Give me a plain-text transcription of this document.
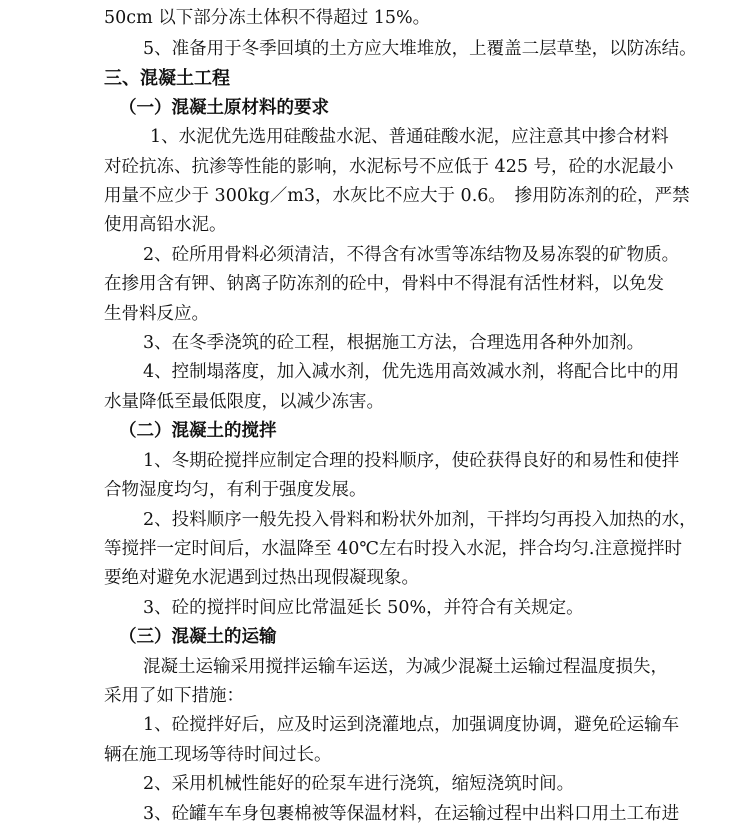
50cm 以下部分冻土体积不得超过 15%。
5、准备用于冬季回填的土方应大堆堆放，上覆盖二层草垫，以防冻结。
三、混凝土工程
（一）混凝土原材料的要求
1、水泥优先选用硅酸盐水泥、普通硅酸水泥，应注意其中掺合材料
对砼抗冻、抗渗等性能的影响，水泥标号不应低于 425 号，砼的水泥最小
用量不应少于 300kg／m3，水灰比不应大于 0.6。　掺用防冻剂的砼，严禁
使用高铅水泥。
2、砼所用骨料必须清洁，不得含有冰雪等冻结物及易冻裂的矿物质。
在掺用含有钾、钠离子防冻剂的砼中，骨料中不得混有活性材料，以免发
生骨料反应。
3、在冬季浇筑的砼工程，根据施工方法，合理选用各种外加剂。
4、控制塌落度，加入减水剂，优先选用高效减水剂，将配合比中的用
水量降低至最低限度，以减少冻害。
（二）混凝土的搅拌
1、冬期砼搅拌应制定合理的投料顺序，使砼获得良好的和易性和使拌
合物湿度均匀，有利于强度发展。
2、投料顺序一般先投入骨料和粉状外加剂，干拌均匀再投入加热的水，
等搅拌一定时间后，水温降至 40℃左右时投入水泥，拌合均匀.注意搅拌时
要绝对避免水泥遇到过热出现假凝现象。
3、砼的搅拌时间应比常温延长 50%，并符合有关规定。
（三）混凝土的运输
混凝土运输采用搅拌运输车运送，为减少混凝土运输过程温度损失，
采用了如下措施：
1、砼搅拌好后，应及时运到浇灌地点，加强调度协调，避免砼运输车
辆在施工现场等待时间过长。
2、采用机械性能好的砼泵车进行浇筑，缩短浇筑时间。
3、砼罐车车身包裹棉被等保温材料，在运输过程中出料口用土工布进
